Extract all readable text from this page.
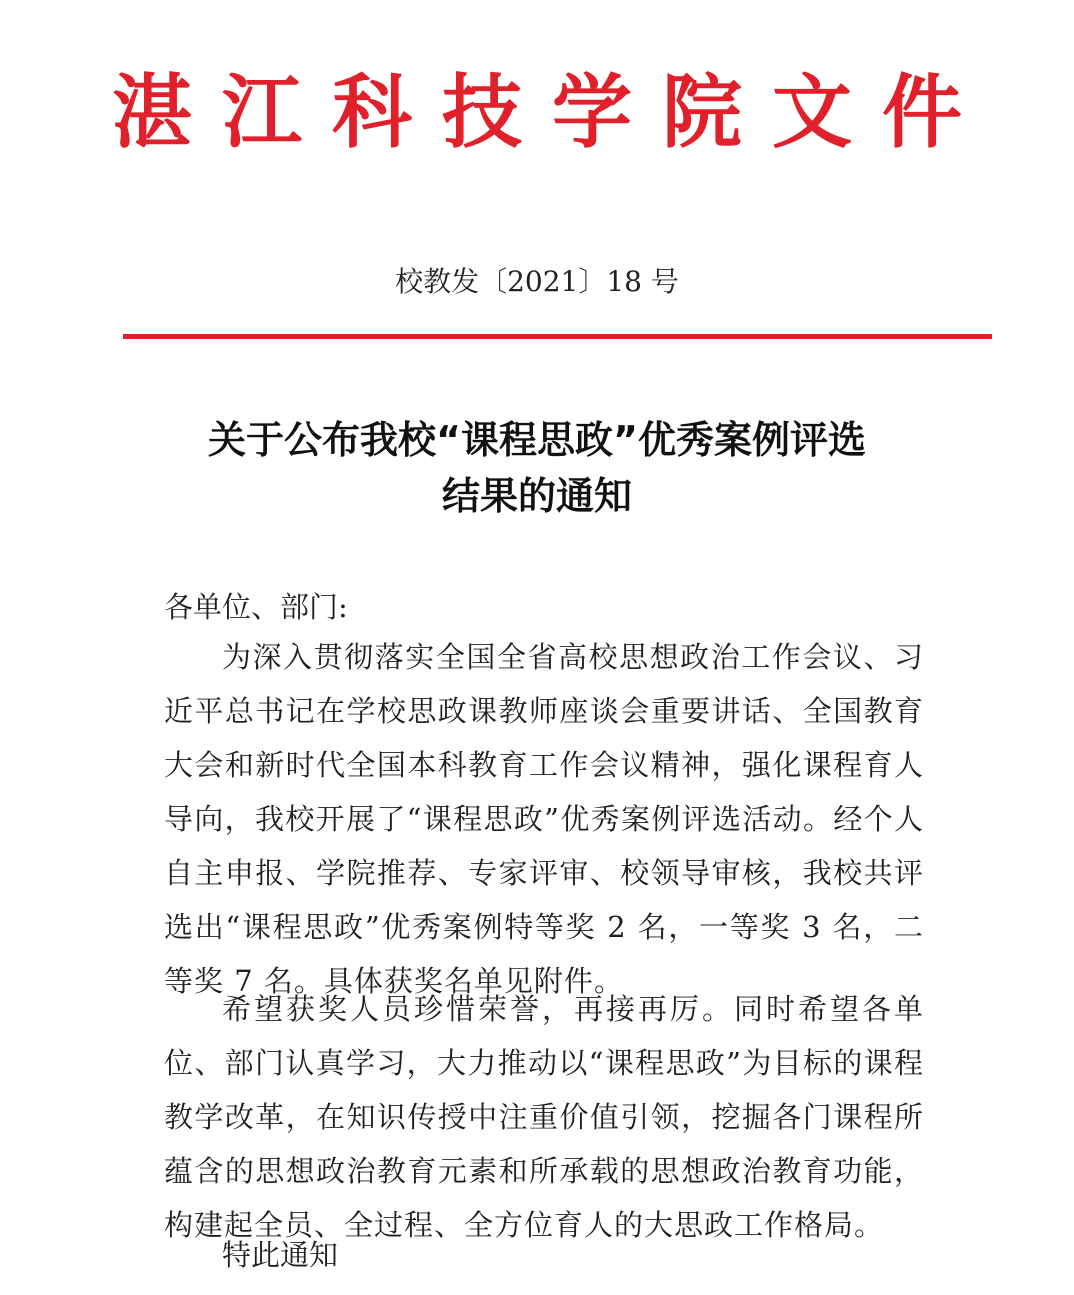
湛江科技学院文件
校教发〔2021〕18 号
关于公布我校“课程思政”优秀案例评选
结果的通知
各单位、部门:
为深入贯彻落实全国全省高校思想政治工作会议、习近平总书记在学校思政课教师座谈会重要讲话、全国教育大会和新时代全国本科教育工作会议精神，强化课程育人导向，我校开展了“课程思政”优秀案例评选活动。经个人自主申报、学院推荐、专家评审、校领导审核，我校共评选出“课程思政”优秀案例特等奖 2 名，一等奖 3 名，二等奖 7 名。具体获奖名单见附件。
希望获奖人员珍惜荣誉，再接再厉。同时希望各单位、部门认真学习，大力推动以“课程思政”为目标的课程教学改革，在知识传授中注重价值引领，挖掘各门课程所蕴含的思想政治教育元素和所承载的思想政治教育功能，构建起全员、全过程、全方位育人的大思政工作格局。
特此通知
